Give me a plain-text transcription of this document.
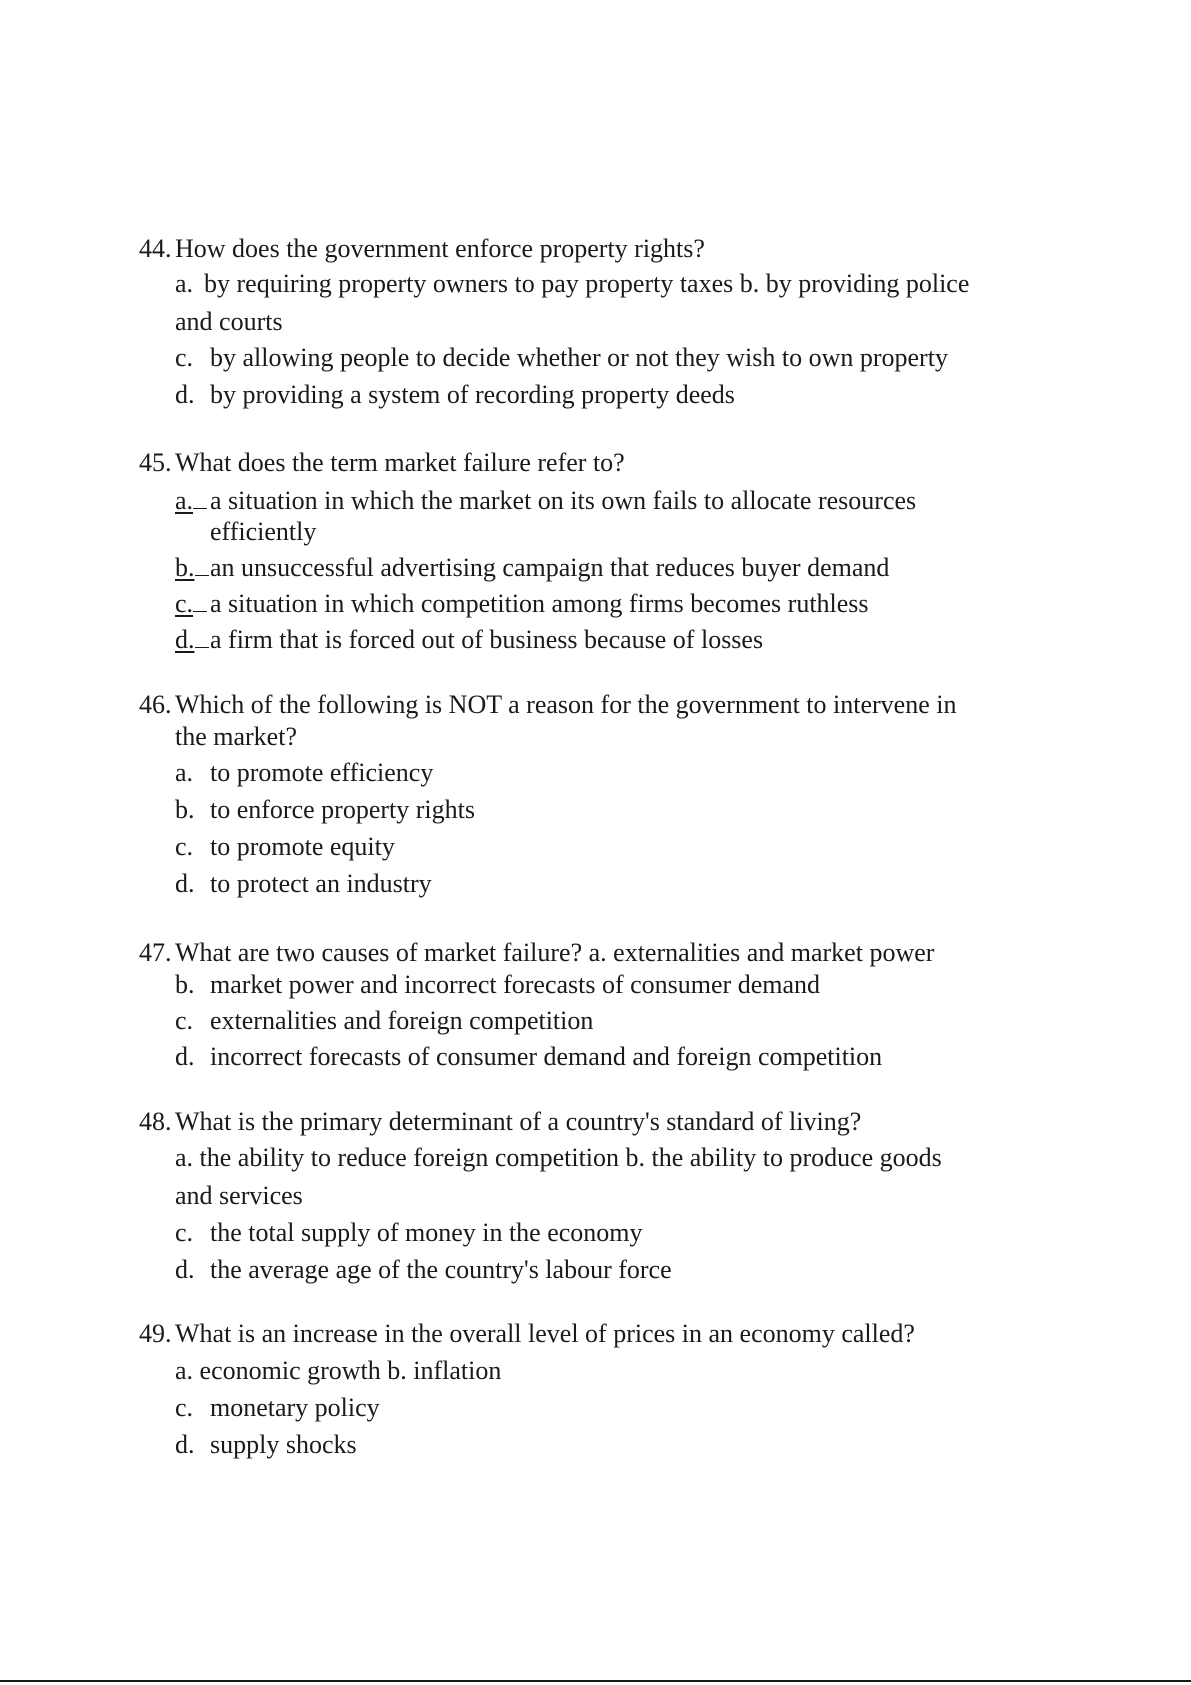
44. How does the government enforce property rights?
a. by requiring property owners to pay property taxes b. by providing police
and courts
c. by allowing people to decide whether or not they wish to own property
d. by providing a system of recording property deeds
45. What does the term market failure refer to?
a. a situation in which the market on its own fails to allocate resources
efficiently
b. an unsuccessful advertising campaign that reduces buyer demand
c. a situation in which competition among firms becomes ruthless
d. a firm that is forced out of business because of losses
46. Which of the following is NOT a reason for the government to intervene in
the market?
a. to promote efficiency
b. to enforce property rights
c. to promote equity
d. to protect an industry
47. What are two causes of market failure? a. externalities and market power
b. market power and incorrect forecasts of consumer demand
c. externalities and foreign competition
d. incorrect forecasts of consumer demand and foreign competition
48. What is the primary determinant of a country's standard of living?
a. the ability to reduce foreign competition b. the ability to produce goods
and services
c. the total supply of money in the economy
d. the average age of the country's labour force
49. What is an increase in the overall level of prices in an economy called?
a. economic growth b. inflation
c. monetary policy
d. supply shocks
